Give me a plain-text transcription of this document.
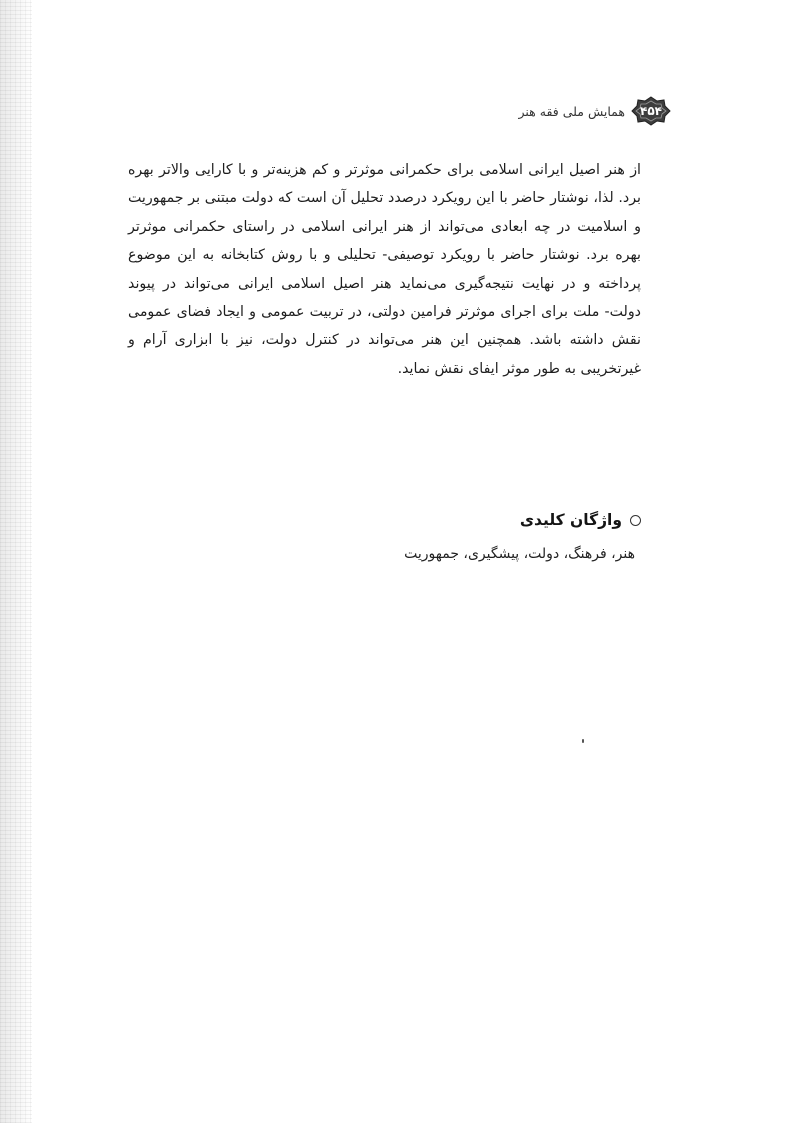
۴۵۴
همایش ملی فقه هنر

از هنر اصیل ایرانی اسلامی برای حکمرانی موثرتر و کم هزینه‌تر و با کارایی والاتر بهره برد. لذا، نوشتار حاضر با این رویکرد درصدد تحلیل آن است که دولت مبتنی بر جمهوریت و اسلامیت در چه ابعادی می‌تواند از هنر ایرانی اسلامی در راستای حکمرانی موثرتر بهره برد. نوشتار حاضر با رویکرد توصیفی- تحلیلی و با روش کتابخانه به این موضوع پرداخته و در نهایت نتیجه‌گیری می‌نماید هنر اصیل اسلامی ایرانی می‌تواند در پیوند دولت- ملت برای اجرای موثرتر فرامین دولتی، در تربیت عمومی و ایجاد فضای عمومی نقش داشته باشد. همچنین این هنر می‌تواند در کنترل دولت، نیز با ابزاری آرام و غیرتخریبی به طور موثر ایفای نقش نماید.

واژگان کلیدی
هنر، فرهنگ، دولت، پیشگیری، جمهوریت
